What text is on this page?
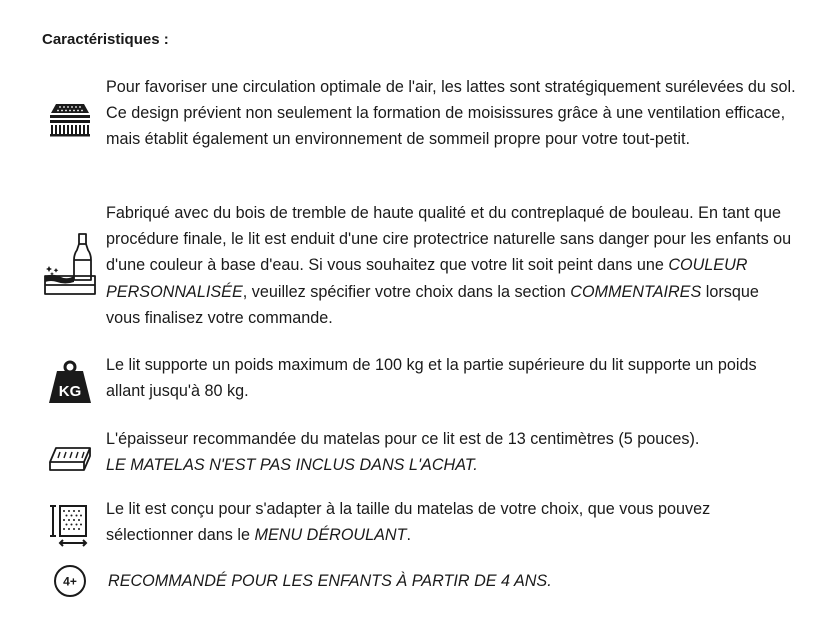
Caractéristiques :
Pour favoriser une circulation optimale de l'air, les lattes sont stratégiquement surélevées du sol. Ce design prévient non seulement la formation de moisissures grâce à une ventilation efficace, mais établit également un environnement de sommeil propre pour votre tout-petit.
Fabriqué avec du bois de tremble de haute qualité et du contreplaqué de bouleau. En tant que procédure finale, le lit est enduit d'une cire protectrice naturelle sans danger pour les enfants ou d'une couleur à base d'eau. Si vous souhaitez que votre lit soit peint dans une COULEUR PERSONNALISÉE, veuillez spécifier votre choix dans la section COMMENTAIRES lorsque vous finalisez votre commande.
KG
Le lit supporte un poids maximum de 100 kg et la partie supérieure du lit supporte un poids allant jusqu'à 80 kg.
L'épaisseur recommandée du matelas pour ce lit est de 13 centimètres (5 pouces).
LE MATELAS N'EST PAS INCLUS DANS L'ACHAT.
Le lit est conçu pour s'adapter à la taille du matelas de votre choix, que vous pouvez sélectionner dans le MENU DÉROULANT.
4+ RECOMMANDÉ POUR LES ENFANTS À PARTIR DE 4 ANS.
